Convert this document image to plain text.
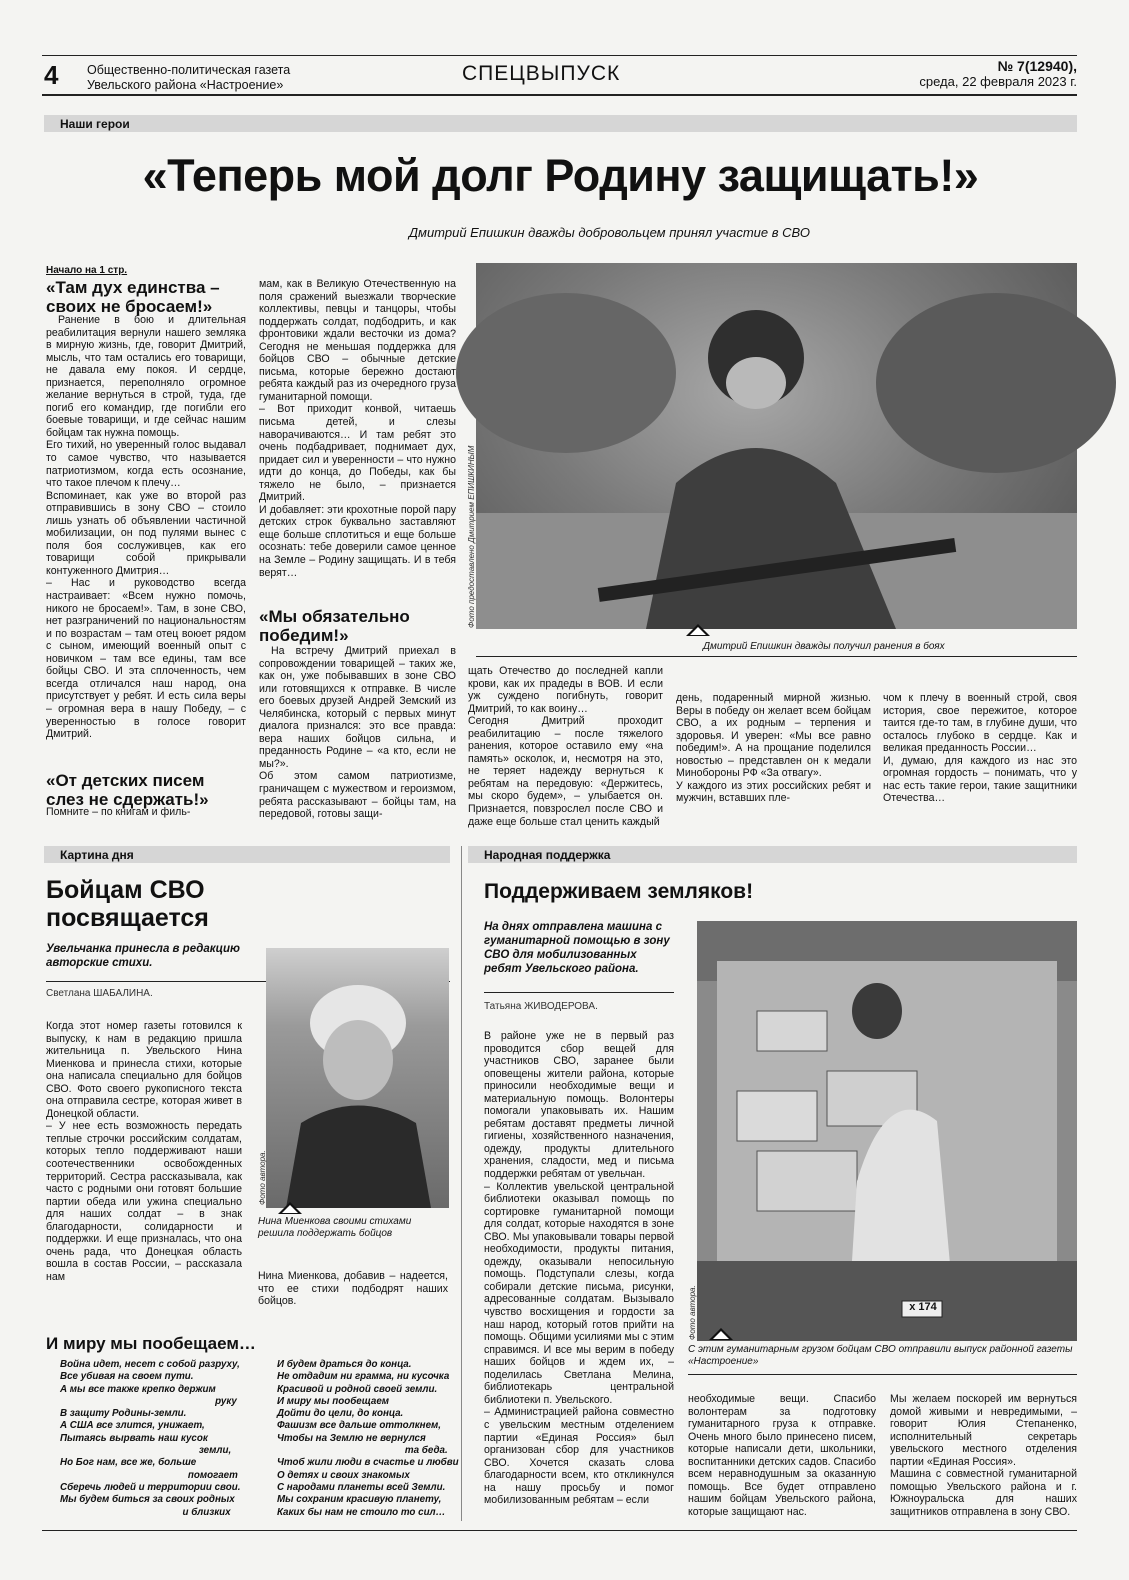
4 Общественно-политическая газета
Увельского района «Настроение»	СПЕЦВЫПУСК	№ 7(12940),
среда, 22 февраля 2023 г.
Наши герои
«Теперь мой долг Родину защищать!»
Дмитрий Епишкин дважды добровольцем принял участие в СВО
Начало на 1 стр.
«Там дух единства –
своих не бросаем!»
Ранение в бою и длительная реабилитация вернули нашего земляка в мирную жизнь, где, говорит Дмитрий, мысль, что там остались его товарищи, не давала ему покоя. И сердце, признается, переполняло огромное желание вернуться в строй, туда, где погиб его командир, где погибли его боевые товарищи, и где сейчас нашим бойцам так нужна помощь.
Его тихий, но уверенный голос выдавал то самое чувство, что называется патриотизмом, когда есть осознание, что такое плечом к плечу…
Вспоминает, как уже во второй раз отправившись в зону СВО – стоило лишь узнать об объявлении частичной мобилизации, он под пулями вынес с поля боя сослуживцев, как его товарищи собой прикрывали контуженного Дмитрия…
– Нас и руководство всегда настраивает: «Всем нужно помочь, никого не бросаем!». Там, в зоне СВО, нет разграничений по национальностям и по возрастам – там отец воюет рядом с сыном, имеющий военный опыт с новичком – там все едины, там все бойцы СВО. И эта сплоченность, чем всегда отличался наш народ, она присутствует у ребят. И есть сила веры – огромная вера в нашу Победу, – с уверенностью в голосе говорит Дмитрий.
«От детских писем
слез не сдержать!»
Помните – по книгам и филь-
мам, как в Великую Отечественную на поля сражений выезжали творческие коллективы, певцы и танцоры, чтобы поддержать солдат, подбодрить, и как фронтовики ждали весточки из дома? Сегодня не меньшая поддержка для бойцов СВО – обычные детские письма, которые бережно достают ребята каждый раз из очередного груза гуманитарной помощи.
– Вот приходит конвой, читаешь письма детей, и слезы наворачиваются… И там ребят это очень подбадривает, поднимает дух, придает сил и уверенности – что нужно идти до конца, до Победы, как бы тяжело не было, – признается Дмитрий.
И добавляет: эти крохотные порой пару детских строк буквально заставляют еще больше сплотиться и еще больше осознать: тебе доверили самое ценное на Земле – Родину защищать. И в тебя верят…
«Мы обязательно
победим!»
На встречу Дмитрий приехал в сопровождении товарищей – таких же, как он, уже побывавших в зоне СВО или готовящихся к отправке. В числе его боевых друзей Андрей Земский из Челябинска, который с первых минут диалога признался: это все правда: вера наших бойцов сильна, и преданность Родине – «а кто, если не мы?».
Об этом самом патриотизме, граничащем с мужеством и героизмом, ребята рассказывают – бойцы там, на передовой, готовы защи-
Фото предоставлено Дмитрием ЕПИШКИНЫМ
Дмитрий Епишкин дважды получил ранения в боях
щать Отечество до последней капли крови, как их прадеды в ВОВ. И если уж суждено погибнуть, говорит Дмитрий, то как воину…
Сегодня Дмитрий проходит реабилитацию – после тяжелого ранения, которое оставило ему «на память» осколок, и, несмотря на это, не теряет надежду вернуться к ребятам на передовую: «Держитесь, мы скоро будем», – улыбается он. Признается, повзрослел после СВО и даже еще больше стал ценить каждый
день, подаренный мирной жизнью. Веры в победу он желает всем бойцам СВО, а их родным – терпения и здоровья. И уверен: «Мы все равно победим!». А на прощание поделился новостью – представлен он к медали Минобороны РФ «За отвагу».
У каждого из этих российских ребят и мужчин, вставших пле-
чом к плечу в военный строй, своя история, свое пережитое, которое таится где-то там, в глубине души, что осталось глубоко в сердце. Как и великая преданность России…
И, думаю, для каждого из нас это огромная гордость – понимать, что у нас есть такие герои, такие защитники Отечества…
Картина дня
Бойцам СВО
посвящается
Увельчанка принесла в редакцию авторские стихи.
Светлана ШАБАЛИНА.
Когда этот номер газеты готовился к выпуску, к нам в редакцию пришла жительница п. Увельского Нина Миенкова и принесла стихи, которые она написала специально для бойцов СВО. Фото своего рукописного текста она отправила сестре, которая живет в Донецкой области.
– У нее есть возможность передать теплые строчки российским солдатам, которых тепло поддерживают наши соотечественники освобожденных территорий. Сестра рассказывала, как часто с родными они готовят большие партии обеда или ужина специально для наших солдат – в знак благодарности, солидарности и поддержки. И еще призналась, что она очень рада, что Донецкая область вошла в состав России, – рассказала нам
Фото автора.
Нина Миенкова своими стихами решила поддержать бойцов
Нина Миенкова, добавив – надеется, что ее стихи подбодрят наших бойцов.
И миру мы пообещаем…
Война идет, несет с собой разруху,
Все убивая на своем пути.
А мы все также крепко держим
руку
В защиту Родины-земли.
А США все злится, унижает,
Пытаясь вырвать наш кусок
земли,
Но Бог нам, все же, больше
помогает
Сберечь людей и территории свои.
Мы будем биться за своих родных
и близких
И будем драться до конца.
Не отдадим ни грамма, ни кусочка
Красивой и родной своей земли.
И миру мы пообещаем
Дойти до цели, до конца.
Фашизм все дальше оттолкнем,
Чтобы на Землю не вернулся
та беда.
Чтоб жили люди в счастье и любви
О детях и своих знакомых
С народами планеты всей Земли.
Мы сохраним красивую планету,
Каких бы нам не стоило то сил…
Народная поддержка
Поддерживаем земляков!
На днях отправлена машина с гуманитарной помощью в зону СВО для мобилизованных ребят Увельского района.
Татьяна ЖИВОДЕРОВА.
В районе уже не в первый раз проводится сбор вещей для участников СВО, заранее были оповещены жители района, которые приносили необходимые вещи и материальную помощь. Волонтеры помогали упаковывать их. Нашим ребятам доставят предметы личной гигиены, хозяйственного назначения, одежду, продукты длительного хранения, сладости, мед и письма поддержки ребятам от увельчан.
– Коллектив увельской центральной библиотеки оказывал помощь по сортировке гуманитарной помощи для солдат, которые находятся в зоне СВО. Мы упаковывали товары первой необходимости, продукты питания, одежду, оказывали непосильную помощь. Подступали слезы, когда собирали детские письма, рисунки, адресованные солдатам. Вызывало чувство восхищения и гордости за наш народ, который готов прийти на помощь. Общими усилиями мы с этим справимся. И все мы верим в победу наших бойцов и ждем их, – поделилась Светлана Мелина, библиотекарь центральной библиотеки п. Увельского.
– Администрацией района совместно с увельским местным отделением партии «Единая Россия» был организован сбор для участников СВО. Хочется сказать слова благодарности всем, кто откликнулся на нашу просьбу и помог мобилизованным ребятам – если
х 174
Фото автора.
С этим гуманитарным грузом бойцам СВО отправили выпуск районной газеты «Настроение»
необходимые вещи. Спасибо волонтерам за подготовку гуманитарного груза к отправке. Очень много было принесено писем, которые написали дети, школьники, воспитанники детских садов. Спасибо всем неравнодушным за оказанную помощь. Все будет отправлено нашим бойцам Увельского района, которые защищают нас.
Мы желаем поскорей им вернуться домой живыми и невредимыми, – говорит Юлия Степаненко, исполнительный секретарь увельского местного отделения партии «Единая Россия».
Машина с совместной гуманитарной помощью Увельского района и г. Южноуральска для наших защитников отправлена в зону СВО.
